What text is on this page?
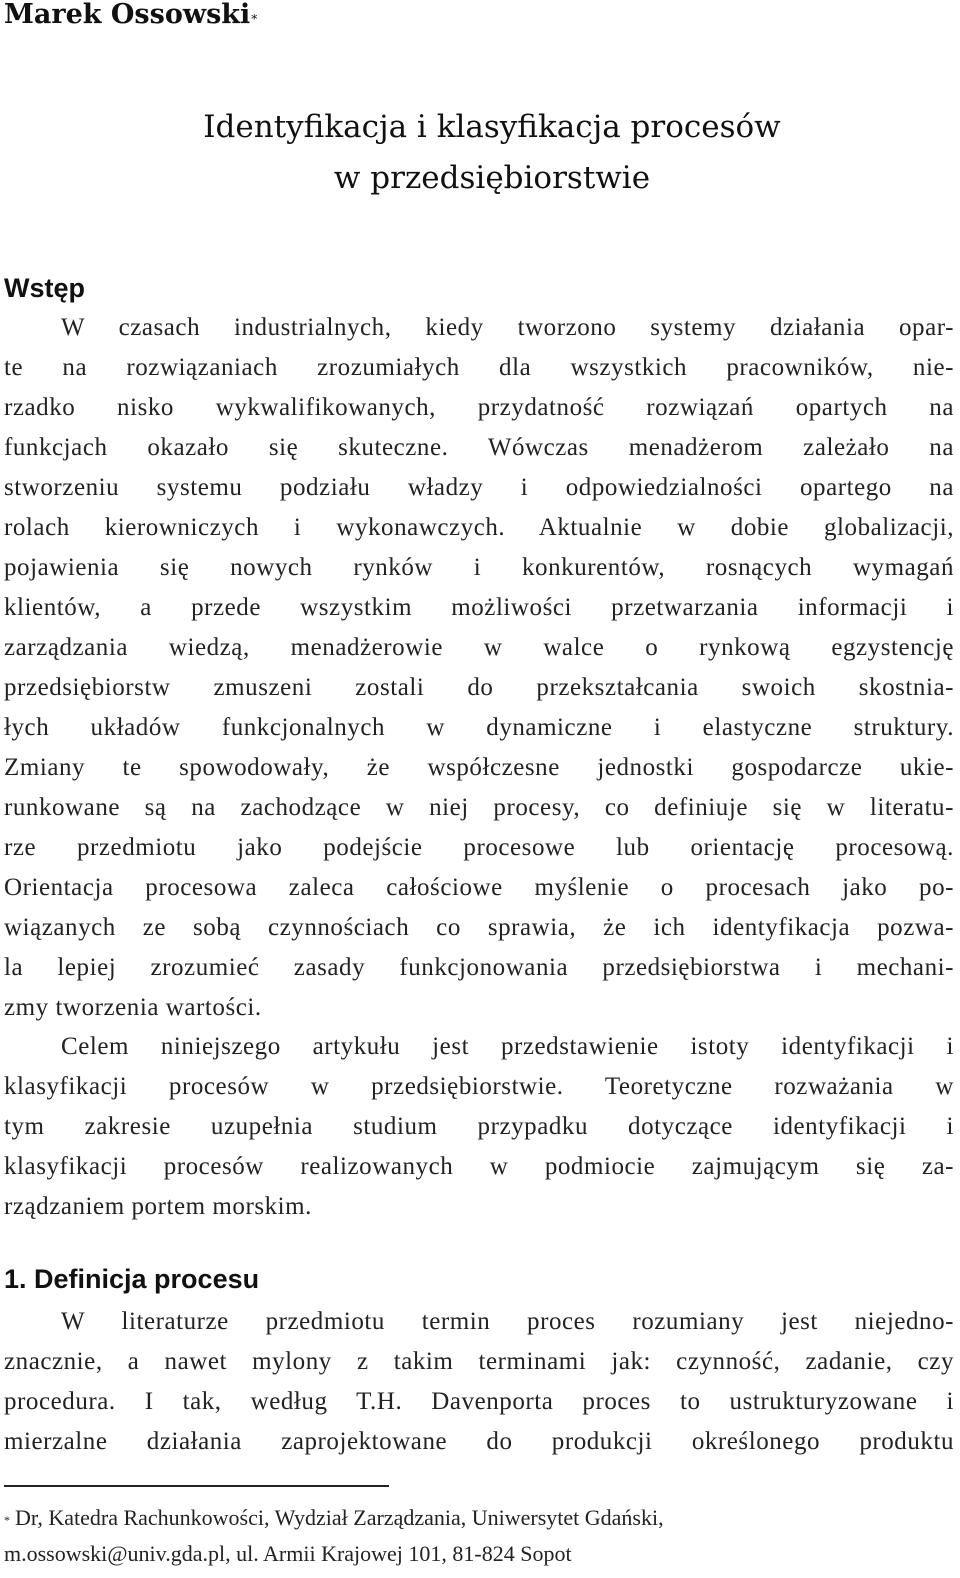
Marek Ossowski*
Identyfikacja i klasyfikacja procesów
w przedsiębiorstwie
Wstęp
W czasach industrialnych, kiedy tworzono systemy działania opar-
te na rozwiązaniach zrozumiałych dla wszystkich pracowników, nie-
rzadko nisko wykwalifikowanych, przydatność rozwiązań opartych na
funkcjach okazało się skuteczne. Wówczas menadżerom zależało na
stworzeniu systemu podziału władzy i odpowiedzialności opartego na
rolach kierowniczych i wykonawczych. Aktualnie w dobie globalizacji,
pojawienia się nowych rynków i konkurentów, rosnących wymagań
klientów, a przede wszystkim możliwości przetwarzania informacji i
zarządzania wiedzą, menadżerowie w walce o rynkową egzystencję
przedsiębiorstw zmuszeni zostali do przekształcania swoich skostnia-
łych układów funkcjonalnych w dynamiczne i elastyczne struktury.
Zmiany te spowodowały, że współczesne jednostki gospodarcze ukie-
runkowane są na zachodzące w niej procesy, co definiuje się w literatu-
rze przedmiotu jako podejście procesowe lub orientację procesową.
Orientacja procesowa zaleca całościowe myślenie o procesach jako po-
wiązanych ze sobą czynnościach co sprawia, że ich identyfikacja pozwa-
la lepiej zrozumieć zasady funkcjonowania przedsiębiorstwa i mechani-
zmy tworzenia wartości.
Celem niniejszego artykułu jest przedstawienie istoty identyfikacji i
klasyfikacji procesów w przedsiębiorstwie. Teoretyczne rozważania w
tym zakresie uzupełnia studium przypadku dotyczące identyfikacji i
klasyfikacji procesów realizowanych w podmiocie zajmującym się za-
rządzaniem portem morskim.
1. Definicja procesu
W literaturze przedmiotu termin proces rozumiany jest niejedno-
znacznie, a nawet mylony z takim terminami jak: czynność, zadanie, czy
procedura. I tak, według T.H. Davenporta proces to ustrukturyzowane i
mierzalne działania zaprojektowane do produkcji określonego produktu
* Dr, Katedra Rachunkowości, Wydział Zarządzania, Uniwersytet Gdański,
m.ossowski@univ.gda.pl, ul. Armii Krajowej 101, 81-824 Sopot
